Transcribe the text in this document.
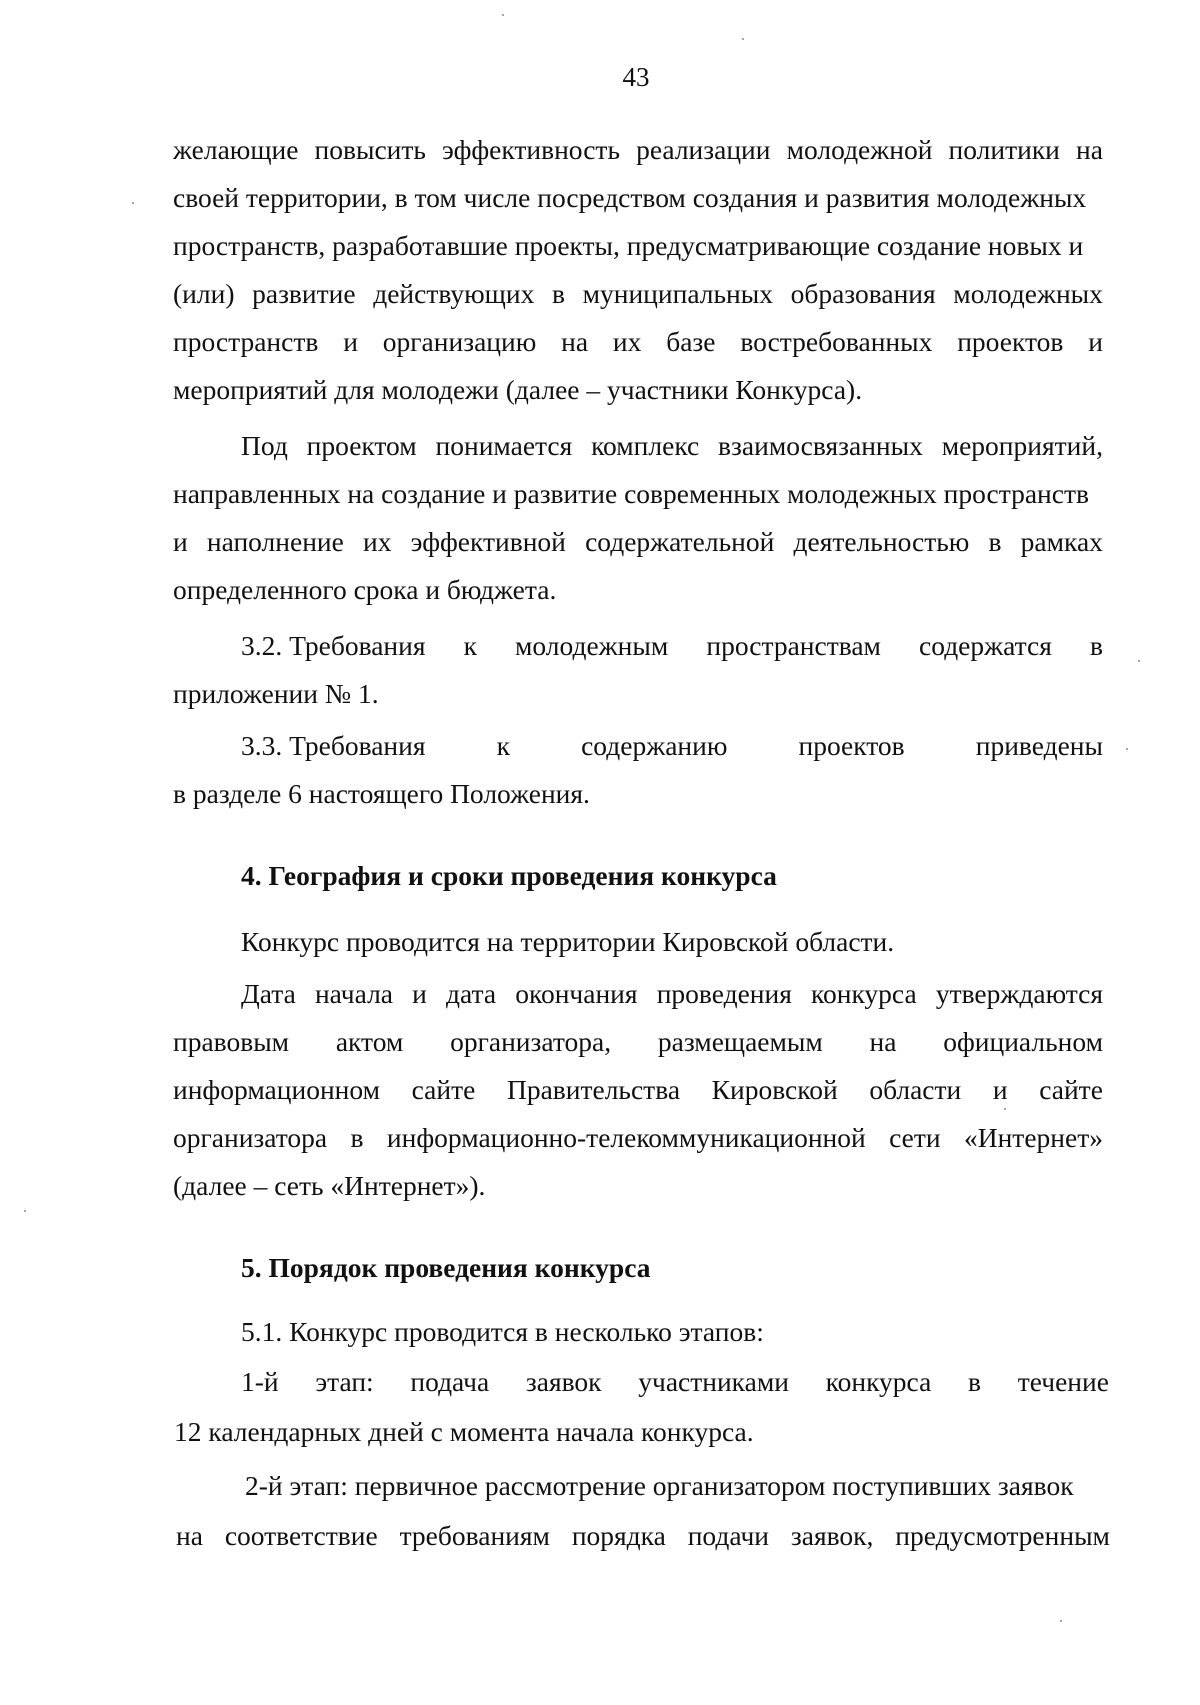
43
желающие повысить эффективность реализации молодежной политики на
своей территории, в том числе посредством создания и развития молодежных
пространств, разработавшие проекты, предусматривающие создание новых и
(или) развитие действующих в муниципальных образования молодежных
пространств и организацию на их базе востребованных проектов и
мероприятий для молодежи (далее – участники Конкурса).
Под проектом понимается комплекс взаимосвязанных мероприятий,
направленных на создание и развитие современных молодежных пространств
и наполнение их эффективной содержательной деятельностью в рамках
определенного срока и бюджета.
3.2. Требования к молодежным пространствам содержатся в
приложении № 1.
3.3. Требования	к	содержанию	проектов	приведены
в разделе 6 настоящего Положения.
4. География и сроки проведения конкурса
Конкурс проводится на территории Кировской области.
Дата начала и дата окончания проведения конкурса утверждаются
правовым актом организатора, размещаемым на официальном
информационном сайте Правительства Кировской области и сайте
организатора в информационно-телекоммуникационной сети «Интернет»
(далее – сеть «Интернет»).
5. Порядок проведения конкурса
5.1. Конкурс проводится в несколько этапов:
1-й этап: подача заявок участниками конкурса в течение
12 календарных дней с момента начала конкурса.
2-й этап: первичное рассмотрение организатором поступивших заявок
на соответствие требованиям порядка подачи заявок, предусмотренным
